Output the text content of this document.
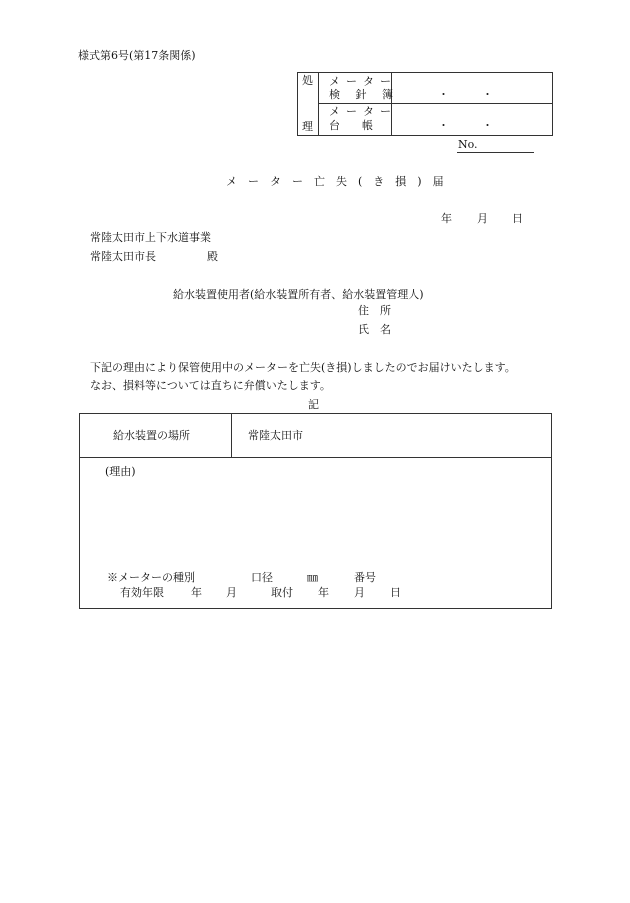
様式第6号(第17条関係)
処
理
メーター
検 針 簿	・　　　・
メーター
台　　帳	・　　　・
No.
メーター亡失(き損)届
年 月 日
常陸太田市上下水道事業
常陸太田市長	殿
給水装置使用者(給水装置所有者、給水装置管理人)
住　所
氏　名
下記の理由により保管使用中のメーターを亡失(き損)しましたのでお届けいたします。
なお、損料等については直ちに弁償いたします。
記
給水装置の場所	常陸太田市
(理由)
※メーターの種別	口径	㎜	番号
有効年限 年 月	取付 年 月 日
